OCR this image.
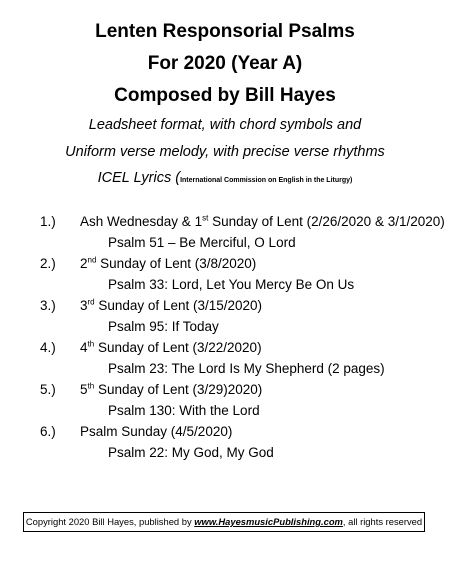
Lenten Responsorial Psalms
For 2020 (Year A)
Composed by Bill Hayes
Leadsheet format, with chord symbols and
Uniform verse melody, with precise verse rhythms
ICEL Lyrics (International Commission on English in the Liturgy)
1.) Ash Wednesday & 1st Sunday of Lent (2/26/2020 & 3/1/2020)
Psalm 51 – Be Merciful, O Lord
2.) 2nd Sunday of Lent (3/8/2020)
Psalm 33: Lord, Let You Mercy Be On Us
3.) 3rd Sunday of Lent (3/15/2020)
Psalm 95: If Today
4.) 4th Sunday of Lent (3/22/2020)
Psalm 23: The Lord Is My Shepherd (2 pages)
5.) 5th Sunday of Lent (3/29)2020)
Psalm 130: With the Lord
6.) Psalm Sunday (4/5/2020)
Psalm 22: My God, My God
Copyright 2020 Bill Hayes, published by www.HayesmusicPublishing.com, all rights reserved
